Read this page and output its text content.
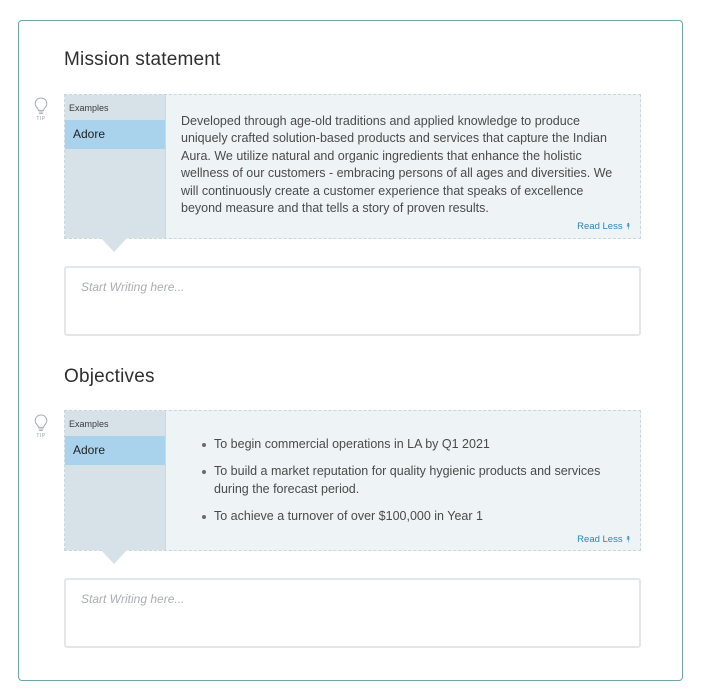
Mission statement
TIP
Examples
Adore
Developed through age-old traditions and applied knowledge to produce uniquely crafted solution-based products and services that capture the Indian Aura. We utilize natural and organic ingredients that enhance the holistic wellness of our customers - embracing persons of all ages and diversities. We will continuously create a customer experience that speaks of excellence beyond measure and that tells a story of proven results.
Read Less ⯭
Start Writing here...
Objectives
TIP
Examples
Adore	To begin commercial operations in LA by Q1 2021
To build a market reputation for quality hygienic products and services during the forecast period.
To achieve a turnover of over $100,000 in Year 1
Read Less ⯭
Start Writing here...
